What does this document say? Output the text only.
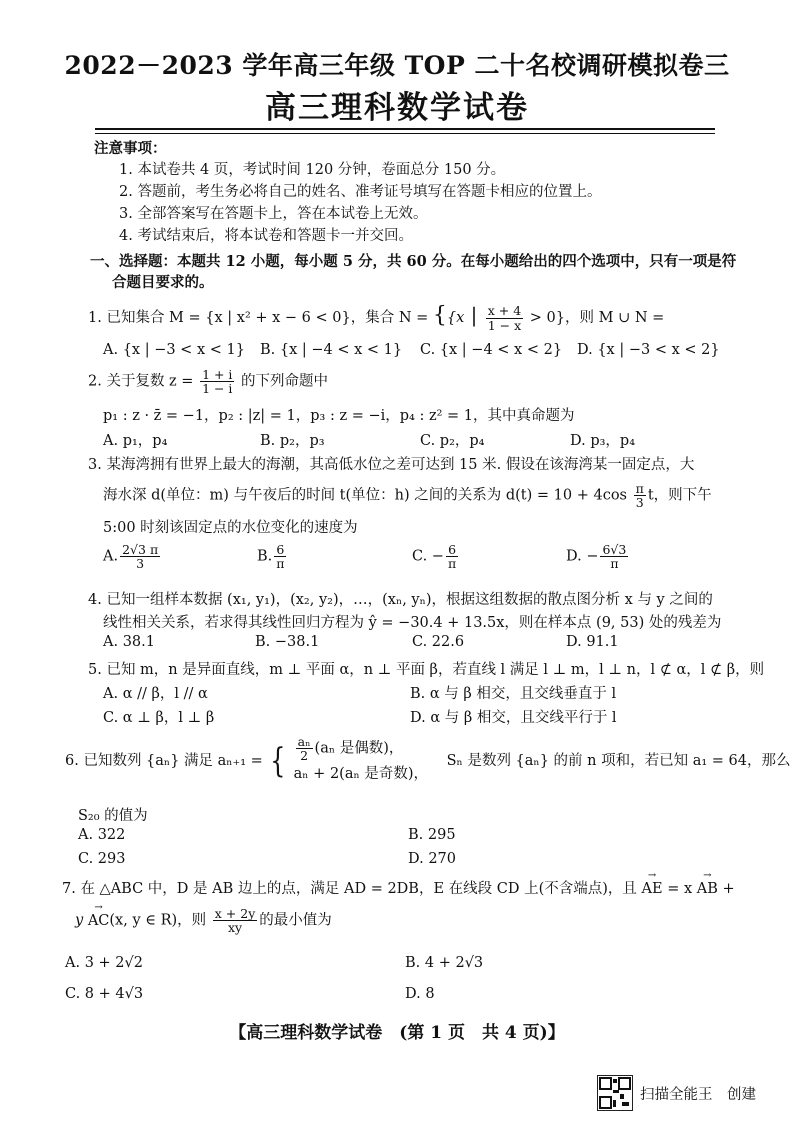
2022－2023 学年高三年级 TOP 二十名校调研模拟卷三
高三理科数学试卷
注意事项：
1. 本试卷共 4 页，考试时间 120 分钟，卷面总分 150 分。
2. 答题前，考生务必将自己的姓名、准考证号填写在答题卡相应的位置上。
3. 全部答案写在答题卡上，答在本试卷上无效。
4. 考试结束后，将本试卷和答题卡一并交回。
一、选择题：本题共 12 小题，每小题 5 分，共 60 分。在每小题给出的四个选项中，只有一项是符
合题目要求的。
1. 已知集合 M = {x | x² + x − 6 < 0}，集合 N = {{x | $\frac{x + 4}{1 - x} > 0$}，则 M ∪ N =
A. {x | −3 < x < 1} B. {x | −4 < x < 1} C. {x | −4 < x < 2} D. {x | −3 < x < 2}
2. 关于复数 $z = \frac{1 + i}{1 - i}$ 的下列命题中
p₁ : z · z̄ = −1，p₂ : |z| = 1，p₃ : z = −i，p₄ : z² = 1，其中真命题为
A. p₁，p₄	B. p₂，p₃	C. p₂，p₄	D. p₃，p₄
3. 某海湾拥有世界上最大的海潮，其高低水位之差可达到 15 米. 假设在该海湾某一固定点，大
海水深 d(单位：m) 与午夜后的时间 t(单位：h) 之间的关系为 $d(t) = 10 + 4\cos \frac{\pi}{3}$ t，则下午
5:00 时刻该固定点的水位变化的速度为
A. $\frac{2√3 \pi}{3}$	B. $\frac{6}{\pi}$	C. − $\frac{6}{\pi}$	D. − $\frac{6√3}{\pi}$
4. 已知一组样本数据 (x₁, y₁)，(x₂, y₂)，…，(xₙ, yₙ)，根据这组数据的散点图分析 x 与 y 之间的
线性相关关系，若求得其线性回归方程为 ŷ = −30.4 + 13.5x，则在样本点 (9, 53) 处的残差为
A. 38.1	B. −38.1	C. 22.6	D. 91.1
5. 已知 m，n 是异面直线，m ⊥ 平面 α，n ⊥ 平面 β，若直线 l 满足 l ⊥ m，l ⊥ n，l ⊄ α，l ⊄ β，则
A. α // β，l // α	B. α 与 β 相交，且交线垂直于 l
C. α ⊥ β，l ⊥ β	D. α 与 β 相交，且交线平行于 l
6. 已知数列 {aₙ} 满足 aₙ₊₁ = { $\frac{\text{aₙ}}{2} (a_n$ 是偶数)，
aₙ + 2(aₙ 是奇数)，
Sₙ 是数列 {aₙ} 的前 n 项和，若已知 a₁ = 64，那么
S₂₀ 的值为
A. 322	B. 295
C. 293	D. 270
7. 在 △ABC 中，D 是 AB 边上的点，满足 AD = 2DB，E 在线段 CD 上(不含端点)，且 → AE = x → AB +
y → AC(x, y ∈ R)，则 $\frac{x + 2y}{xy}$ 的最小值为
A. 3 + 2√2	B. 4 + 2√3
C. 8 + 4√3	D. 8
【高三理科数学试卷　(第 1 页　共 4 页)】
扫描全能王　创建
